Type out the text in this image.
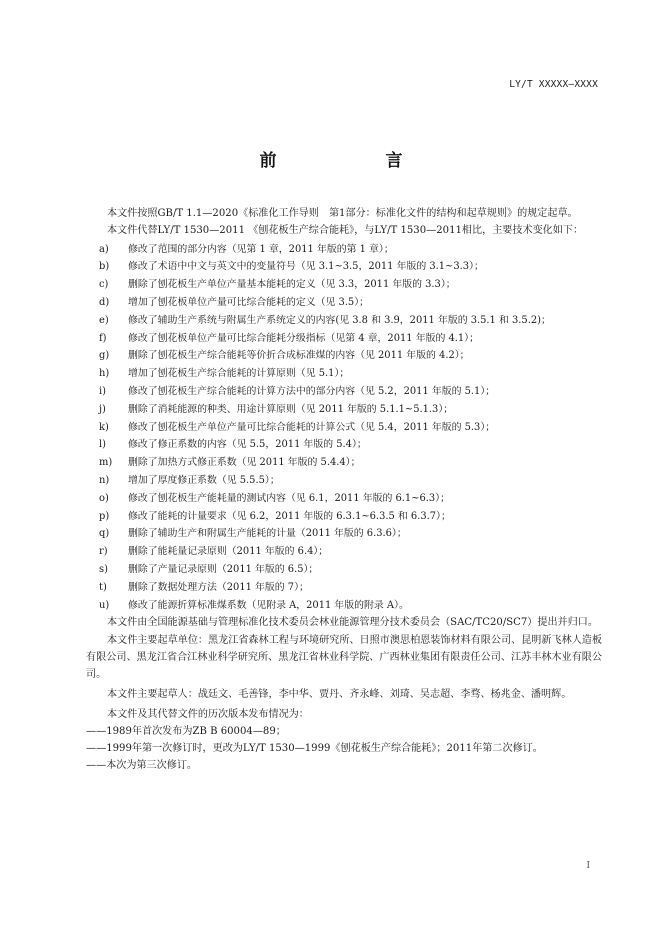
LY/T XXXXX—XXXX
前　言

本文件按照GB/T 1.1—2020《标准化工作导则　第1部分：标准化文件的结构和起草规则》的规定起草。

本文件代替LY/T 1530—2011 《刨花板生产综合能耗》，与LY/T 1530—2011相比，主要技术变化如下：

a) 修改了范围的部分内容（见第 1 章，2011 年版的第 1 章）；
b) 修改了术语中中文与英文中的变量符号（见 3.1~3.5，2011 年版的 3.1~3.3）；
c) 删除了刨花板生产单位产量基本能耗的定义（见 3.3，2011 年版的 3.3）；
d) 增加了刨花板单位产量可比综合能耗的定义（见 3.5）；
e) 修改了辅助生产系统与附属生产系统定义的内容(见 3.8 和 3.9，2011 年版的 3.5.1 和 3.5.2)；
f) 修改了刨花板单位产量可比综合能耗分级指标（见第 4 章，2011 年版的 4.1）；
g) 删除了刨花板生产综合能耗等价折合成标准煤的内容（见 2011 年版的 4.2）；
h) 增加了刨花板生产综合能耗的计算原则（见 5.1）；
i) 修改了刨花板生产综合能耗的计算方法中的部分内容（见 5.2，2011 年版的 5.1）；
j) 删除了消耗能源的种类、用途计算原则（见 2011 年版的 5.1.1~5.1.3）；
k) 修改了刨花板生产单位产量可比综合能耗的计算公式（见 5.4，2011 年版的 5.3）；
l) 修改了修正系数的内容（见 5.5，2011 年版的 5.4）；
m) 删除了加热方式修正系数（见 2011 年版的 5.4.4）；
n) 增加了厚度修正系数（见 5.5.5）；
o) 修改了刨花板生产能耗量的测试内容（见 6.1，2011 年版的 6.1~6.3）；
p) 修改了能耗的计量要求（见 6.2，2011 年版的 6.3.1~6.3.5 和 6.3.7）；
q) 删除了辅助生产和附属生产能耗的计量（2011 年版的 6.3.6）；
r) 删除了能耗量记录原则（2011 年版的 6.4）；
s) 删除了产量记录原则（2011 年版的 6.5）；
t) 删除了数据处理方法（2011 年版的 7）；
u) 修改了能源折算标准煤系数（见附录 A，2011 年版的附录 A）。

本文件由全国能源基础与管理标准化技术委员会林业能源管理分技术委员会（SAC/TC20/SC7）提出并归口。

本文件主要起草单位：黑龙江省森林工程与环境研究所、日照市澳思柏恩装饰材料有限公司、昆明新飞林人造板有限公司、黑龙江省合江林业科学研究所、黑龙江省林业科学院、广西林业集团有限责任公司、江苏丰林木业有限公司。

本文件主要起草人：战廷文、毛善锋，李中华、贾丹、齐永峰、刘琦、吴志超、李骛、杨兆金、潘明辉。

本文件及其代替文件的历次版本发布情况为：

——1989年首次发布为ZB B 60004—89；
——1999年第一次修订时，更改为LY/T 1530—1999《刨花板生产综合能耗》；2011年第二次修订。
——本次为第三次修订。
I
